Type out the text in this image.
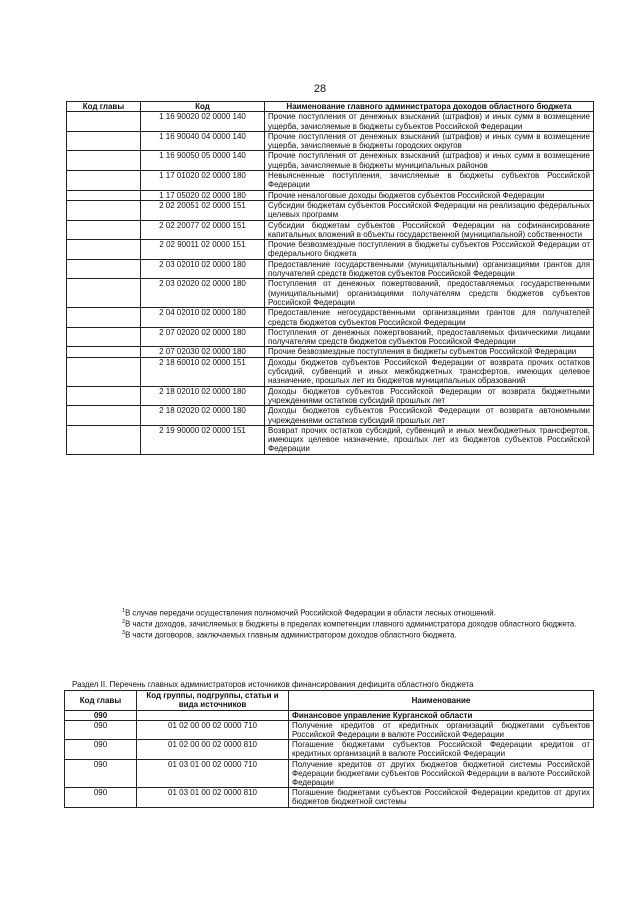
28
Код главы	Код	Наименование главного администратора доходов областного бюджета
	1 16 90020 02 0000 140	Прочие поступления от денежных взысканий (штрафов) и иных сумм в возмещение ущерба, зачисляемые в бюджеты субъектов Российской Федерации
	1 16 90040 04 0000 140	Прочие поступления от денежных взысканий (штрафов) и иных сумм в возмещение ущерба, зачисляемые в бюджеты городских округов
	1 16 90050 05 0000 140	Прочие поступления от денежных взысканий (штрафов) и иных сумм в возмещение ущерба, зачисляемые в бюджеты муниципальных районов
	1 17 01020 02 0000 180	Невыясненные поступления, зачисляемые в бюджеты субъектов Российской Федерации
	1 17 05020 02 0000 180	Прочие неналоговые доходы бюджетов субъектов Российской Федерации
	2 02 20051 02 0000 151	Субсидии бюджетам субъектов Российской Федерации на реализацию федеральных целевых программ
	2 02 20077 02 0000 151	Субсидии бюджетам субъектов Российской Федерации на софинансирование капитальных вложений в объекты государственной (муниципальной) собственности
	2 02 90011 02 0000 151	Прочие безвозмездные поступления в бюджеты субъектов Российской Федерации от федерального бюджета
	2 03 02010 02 0000 180	Предоставление государственными (муниципальными) организациями грантов для получателей средств бюджетов субъектов Российской Федерации
	2 03 02020 02 0000 180	Поступления от денежных пожертвований, предоставляемых государственными (муниципальными) организациями получателям средств бюджетов субъектов Российской Федерации
	2 04 02010 02 0000 180	Предоставление негосударственными организациями грантов для получателей средств бюджетов субъектов Российской Федерации
	2 07 02020 02 0000 180	Поступления от денежных пожертвований, предоставляемых физическими лицами получателям средств бюджетов субъектов Российской Федерации
	2 07 02030 02 0000 180	Прочие безвозмездные поступления в бюджеты субъектов Российской Федерации
	2 18 60010 02 0000 151	Доходы бюджетов субъектов Российской Федерации от возврата прочих остатков субсидий, субвенций и иных межбюджетных трансфертов, имеющих целевое назначение, прошлых лет из бюджетов муниципальных образований
	2 18 02010 02 0000 180	Доходы бюджетов субъектов Российской Федерации от возврата бюджетными учреждениями остатков субсидий прошлых лет
	2 18 02020 02 0000 180	Доходы бюджетов субъектов Российской Федерации от возврата автономными учреждениями остатков субсидий прошлых лет
	2 19 90000 02 0000 151	Возврат прочих остатков субсидий, субвенций и иных межбюджетных трансфертов, имеющих целевое назначение, прошлых лет из бюджетов субъектов Российской Федерации

$^1$В случае передачи осуществления полномочий Российской Федерации в области лесных отношений.

$^2$В части доходов, зачисляемых в бюджеты в пределах компетенции главного администратора доходов областного бюджета.

$^3$В части договоров, заключаемых главным администратором доходов областного бюджета.

Раздел II. Перечень главных администраторов источников финансирования дефицита областного бюджета
Код главы	Код группы, подгруппы, статьи и вида источников	Наименование
090		Финансовое управление Курганской области
090	01 02 00 00 02 0000 710	Получение кредитов от кредитных организаций бюджетами субъектов Российской Федерации в валюте Российской Федерации
090	01 02 00 00 02 0000 810	Погашение бюджетами субъектов Российской Федерации кредитов от кредитных организаций в валюте Российской Федерации
090	01 03 01 00 02 0000 710	Получение кредитов от других бюджетов бюджетной системы Российской Федерации бюджетами субъектов Российской Федерации в валюте Российской Федерации
090	01 03 01 00 02 0000 810	Погашение бюджетами субъектов Российской Федерации кредитов от других бюджетов бюджетной системы
